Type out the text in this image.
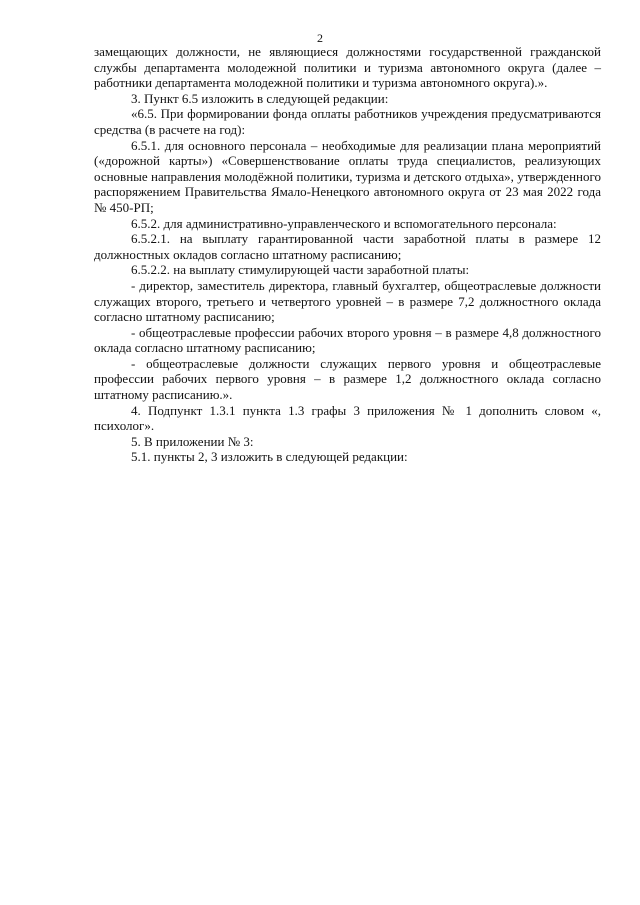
2

замещающих должности, не являющиеся должностями государственной гражданской службы департамента молодежной политики и туризма автономного округа (далее – работники департамента молодежной политики и туризма автономного округа).».

3. Пункт 6.5 изложить в следующей редакции:

«6.5. При формировании фонда оплаты работников учреждения предусматриваются средства (в расчете на год):

6.5.1. для основного персонала – необходимые для реализации плана мероприятий («дорожной карты») «Совершенствование оплаты труда специалистов, реализующих основные направления молодёжной политики, туризма и детского отдыха», утвержденного распоряжением Правительства Ямало-Ненецкого автономного округа от 23 мая 2022 года № 450-РП;

6.5.2. для административно-управленческого и вспомогательного персонала:

6.5.2.1. на выплату гарантированной части заработной платы в размере 12 должностных окладов согласно штатному расписанию;

6.5.2.2. на выплату стимулирующей части заработной платы:

- директор, заместитель директора, главный бухгалтер, общеотраслевые должности служащих второго, третьего и четвертого уровней – в размере 7,2 должностного оклада согласно штатному расписанию;

- общеотраслевые профессии рабочих второго уровня – в размере 4,8 должностного оклада согласно штатному расписанию;

- общеотраслевые должности служащих первого уровня и общеотраслевые профессии рабочих первого уровня – в размере 1,2 должностного оклада согласно штатному расписанию.».

4. Подпункт 1.3.1 пункта 1.3 графы 3 приложения № 1 дополнить словом «, психолог».

5. В приложении № 3:

5.1. пункты 2, 3 изложить в следующей редакции:
